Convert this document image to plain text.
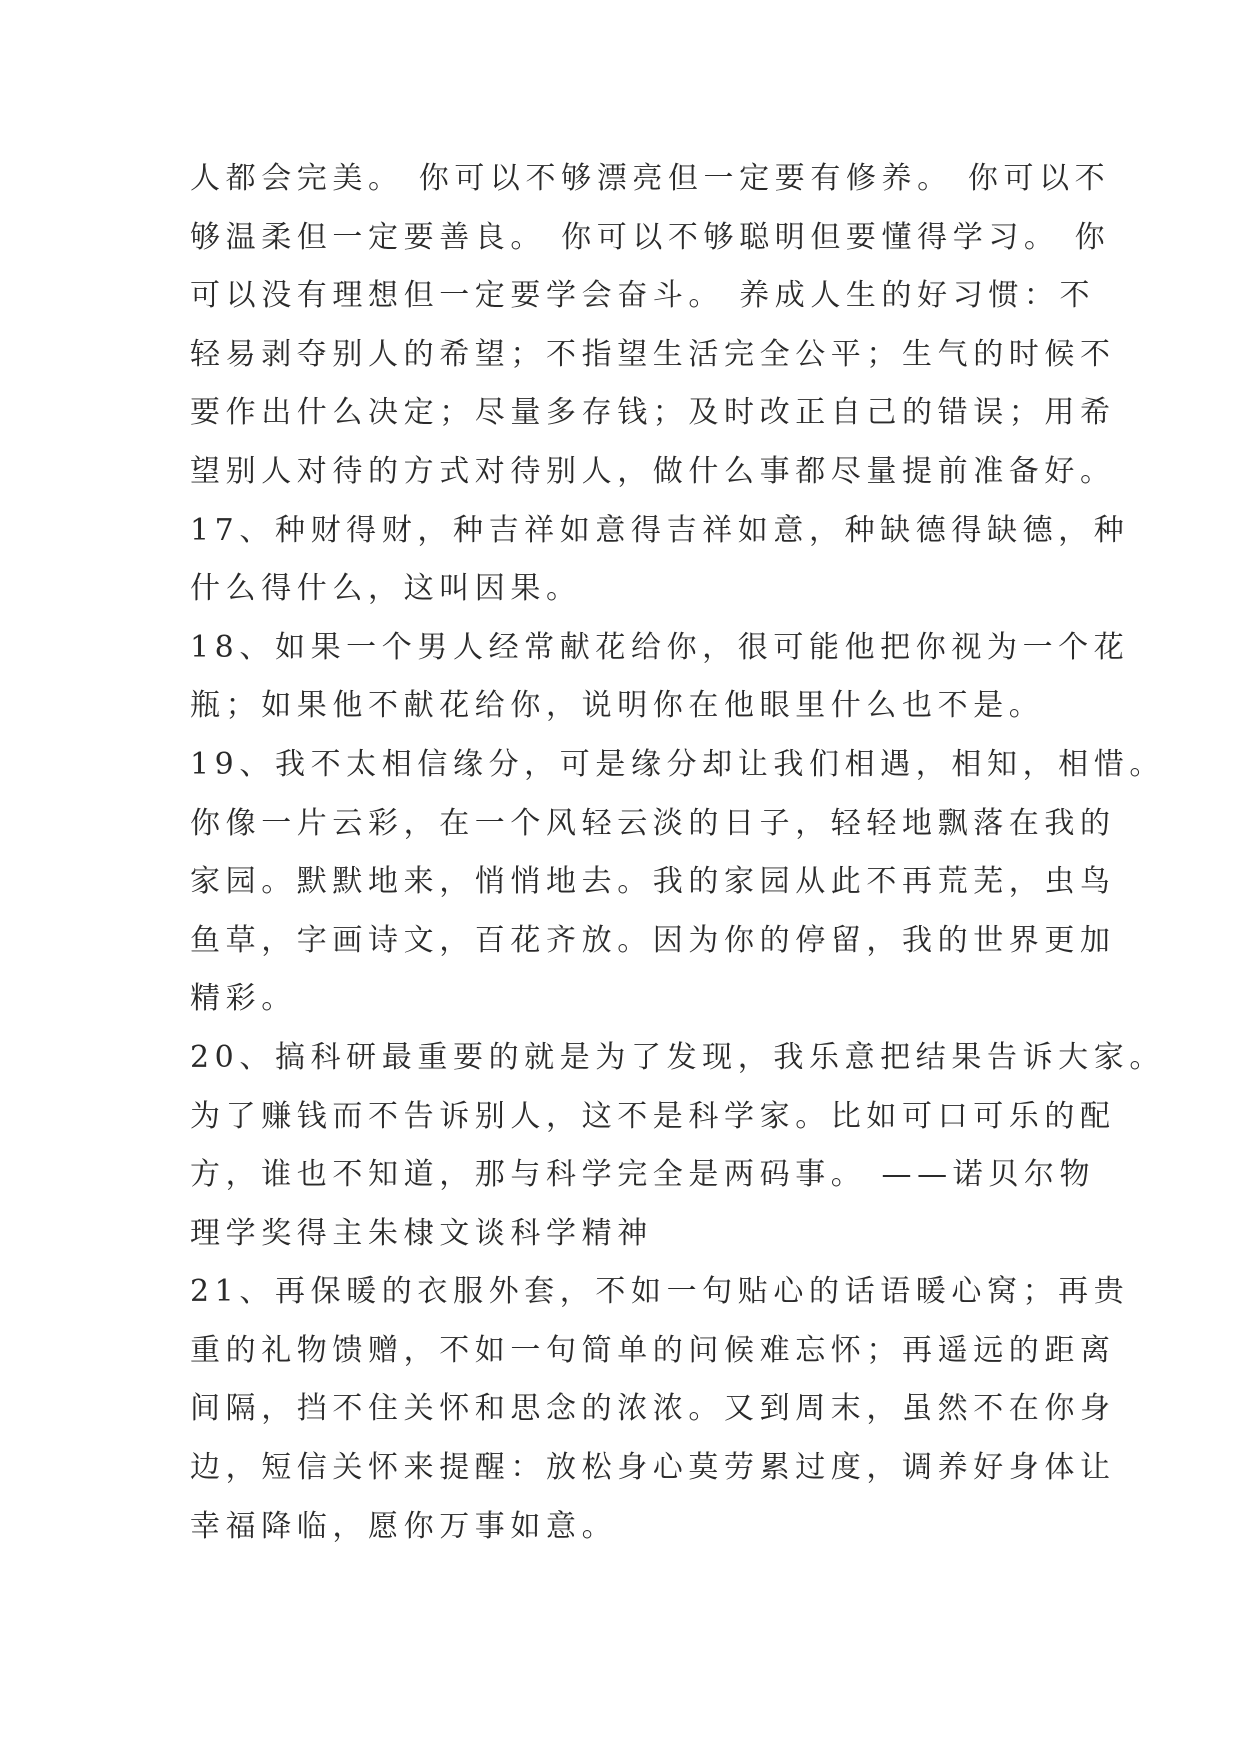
人都会完美。 你可以不够漂亮但一定要有修养。 你可以不
够温柔但一定要善良。 你可以不够聪明但要懂得学习。 你
可以没有理想但一定要学会奋斗。 养成人生的好习惯：不
轻易剥夺别人的希望；不指望生活完全公平；生气的时候不
要作出什么决定；尽量多存钱；及时改正自己的错误；用希
望别人对待的方式对待别人，做什么事都尽量提前准备好。
17、种财得财，种吉祥如意得吉祥如意，种缺德得缺德，种
什么得什么，这叫因果。
18、如果一个男人经常献花给你，很可能他把你视为一个花
瓶；如果他不献花给你，说明你在他眼里什么也不是。
19、我不太相信缘分，可是缘分却让我们相遇，相知，相惜。
你像一片云彩，在一个风轻云淡的日子，轻轻地飘落在我的
家园。默默地来，悄悄地去。我的家园从此不再荒芜，虫鸟
鱼草，字画诗文，百花齐放。因为你的停留，我的世界更加
精彩。
20、搞科研最重要的就是为了发现，我乐意把结果告诉大家。
为了赚钱而不告诉别人，这不是科学家。比如可口可乐的配
方，谁也不知道，那与科学完全是两码事。 ——诺贝尔物
理学奖得主朱棣文谈科学精神
21、再保暖的衣服外套，不如一句贴心的话语暖心窝；再贵
重的礼物馈赠，不如一句简单的问候难忘怀；再遥远的距离
间隔，挡不住关怀和思念的浓浓。又到周末，虽然不在你身
边，短信关怀来提醒：放松身心莫劳累过度，调养好身体让
幸福降临，愿你万事如意。
